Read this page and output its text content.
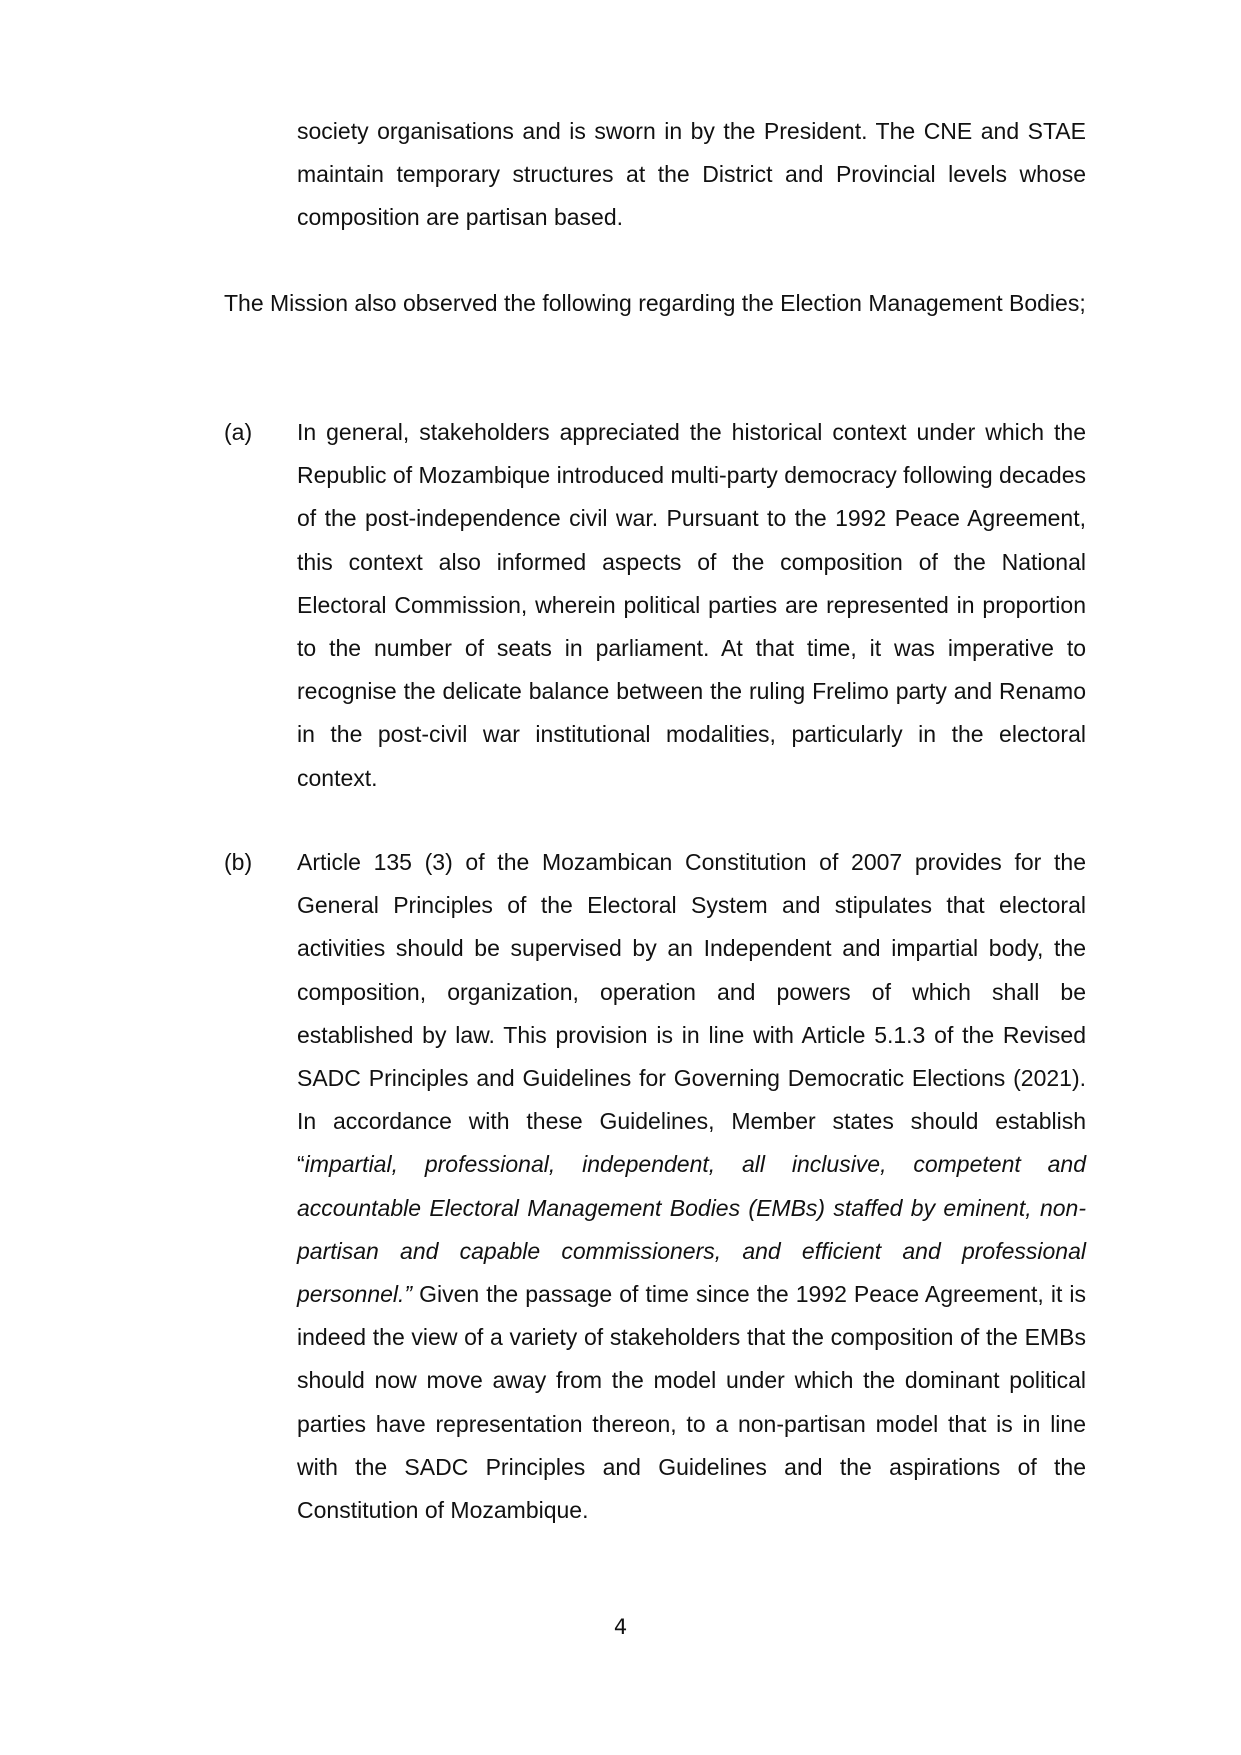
society organisations and is sworn in by the President. The CNE and STAE maintain temporary structures at the District and Provincial levels whose composition are partisan based.

The Mission also observed the following regarding the Election Management Bodies;

(a) In general, stakeholders appreciated the historical context under which the Republic of Mozambique introduced multi-party democracy following decades of the post-independence civil war. Pursuant to the 1992 Peace Agreement, this context also informed aspects of the composition of the National Electoral Commission, wherein political parties are represented in proportion to the number of seats in parliament. At that time, it was imperative to recognise the delicate balance between the ruling Frelimo party and Renamo in the post-civil war institutional modalities, particularly in the electoral context.

(b) Article 135 (3) of the Mozambican Constitution of 2007 provides for the General Principles of the Electoral System and stipulates that electoral activities should be supervised by an Independent and impartial body, the composition, organization, operation and powers of which shall be established by law. This provision is in line with Article 5.1.3 of the Revised SADC Principles and Guidelines for Governing Democratic Elections (2021). In accordance with these Guidelines, Member states should establish “impartial, professional, independent, all inclusive, competent and accountable Electoral Management Bodies (EMBs) staffed by eminent, non-partisan and capable commissioners, and efficient and professional personnel.” Given the passage of time since the 1992 Peace Agreement, it is indeed the view of a variety of stakeholders that the composition of the EMBs should now move away from the model under which the dominant political parties have representation thereon, to a non-partisan model that is in line with the SADC Principles and Guidelines and the aspirations of the Constitution of Mozambique.

4
